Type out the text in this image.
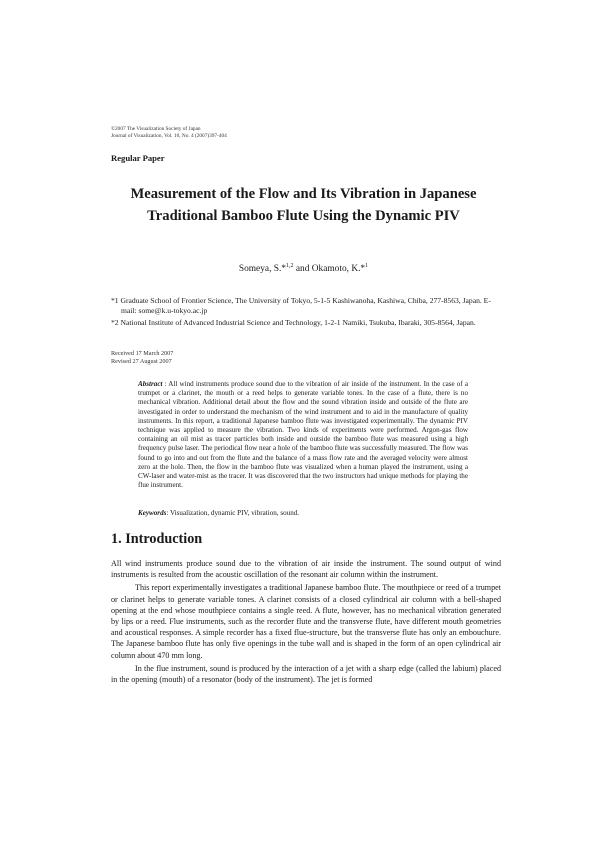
©2007 The Visualization Society of Japan
Journal of Visualization, Vol. 10, No. 4 (2007)397-404
Regular Paper
Measurement of the Flow and Its Vibration in Japanese
Traditional Bamboo Flute Using the Dynamic PIV
Someya, S.*$^{1,2}$ and Okamoto, K.*$^1$
*1 Graduate School of Frontier Science, The University of Tokyo, 5-1-5 Kashiwanoha, Kashiwa, Chiba, 277-8563, Japan. E-mail: some@k.u-tokyo.ac.jp
*2 National Institute of Advanced Industrial Science and Technology, 1-2-1 Namiki, Tsukuba, Ibaraki, 305-8564, Japan.
Received 17 March 2007
Revised 27 August 2007
Abstract : All wind instruments produce sound due to the vibration of air inside of the instrument. In the case of a trumpet or a clarinet, the mouth or a reed helps to generate variable tones. In the case of a flute, there is no mechanical vibration. Additional detail about the flow and the sound vibration inside and outside of the flute are investigated in order to understand the mechanism of the wind instrument and to aid in the manufacture of quality instruments. In this report, a traditional Japanese bamboo flute was investigated experimentally. The dynamic PIV technique was applied to measure the vibration. Two kinds of experiments were performed. Argon-gas flow containing an oil mist as tracer particles both inside and outside the bamboo flute was measured using a high frequency pulse laser. The periodical flow near a hole of the bamboo flute was successfully measured. The flow was found to go into and out from the flute and the balance of a mass flow rate and the averaged velocity were almost zero at the hole. Then, the flow in the bamboo flute was visualized when a human played the instrument, using a CW-laser and water-mist as the tracer. It was discovered that the two instructors had unique methods for playing the flue instrument.
Keywords: Visualization, dynamic PIV, vibration, sound.
1. Introduction

All wind instruments produce sound due to the vibration of air inside the instrument. The sound output of wind instruments is resulted from the acoustic oscillation of the resonant air column within the instrument.

This report experimentally investigates a traditional Japanese bamboo flute. The mouthpiece or reed of a trumpet or clarinet helps to generate variable tones. A clarinet consists of a closed cylindrical air column with a bell-shaped opening at the end whose mouthpiece contains a single reed. A flute, however, has no mechanical vibration generated by lips or a reed. Flue instruments, such as the recorder flute and the transverse flute, have different mouth geometries and acoustical responses. A simple recorder has a fixed flue-structure, but the transverse flute has only an embouchure. The Japanese bamboo flute has only five openings in the tube wall and is shaped in the form of an open cylindrical air column about 470 mm long.

In the flue instrument, sound is produced by the interaction of a jet with a sharp edge (called the labium) placed in the opening (mouth) of a resonator (body of the instrument). The jet is formed
